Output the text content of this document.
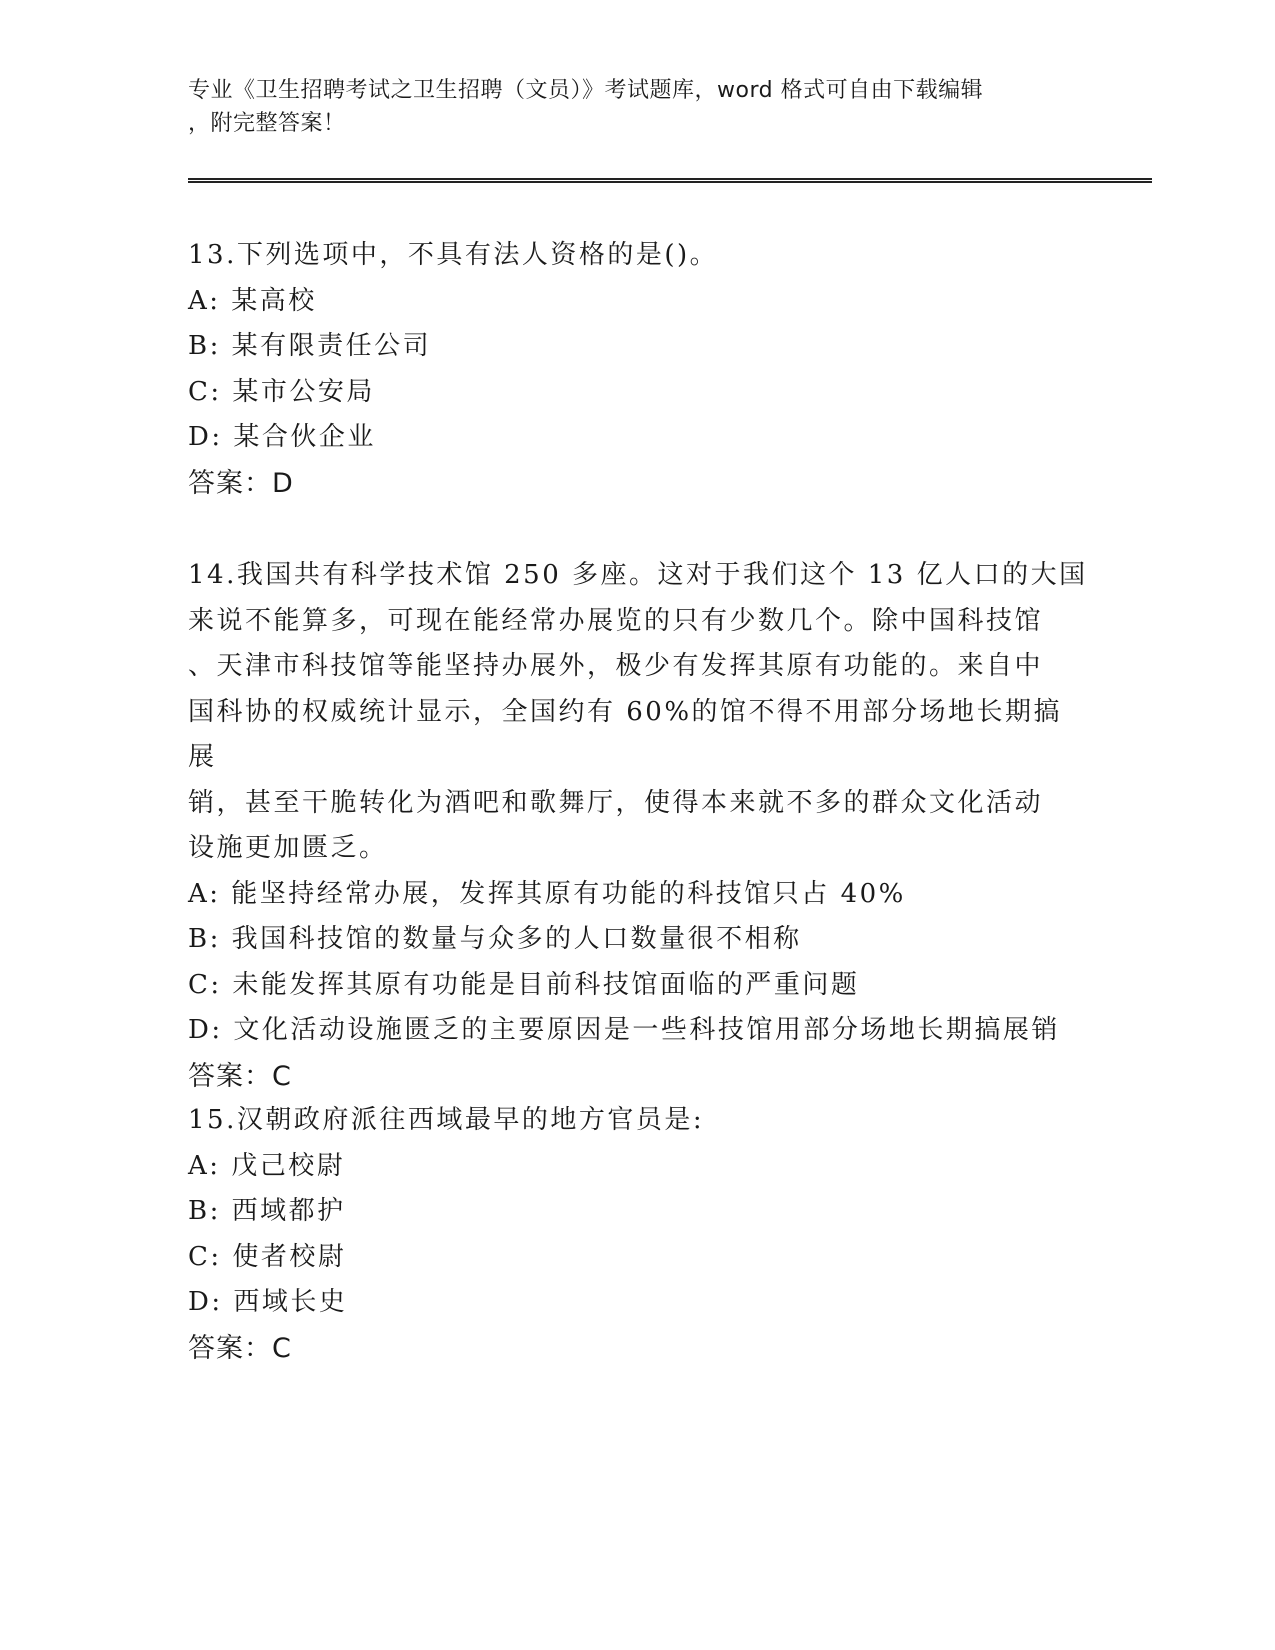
专业《卫生招聘考试之卫生招聘（文员）》考试题库，word 格式可自由下载编辑
，附完整答案！
13.下列选项中，不具有法人资格的是()。
A: 某高校
B: 某有限责任公司
C: 某市公安局
D: 某合伙企业
答案：D
14.我国共有科学技术馆 250 多座。这对于我们这个 13 亿人口的大国
来说不能算多，可现在能经常办展览的只有少数几个。除中国科技馆
、天津市科技馆等能坚持办展外，极少有发挥其原有功能的。来自中
国科协的权威统计显示，全国约有 60%的馆不得不用部分场地长期搞展
销，甚至干脆转化为酒吧和歌舞厅，使得本来就不多的群众文化活动
设施更加匮乏。
A: 能坚持经常办展，发挥其原有功能的科技馆只占 40%
B: 我国科技馆的数量与众多的人口数量很不相称
C: 未能发挥其原有功能是目前科技馆面临的严重问题
D: 文化活动设施匮乏的主要原因是一些科技馆用部分场地长期搞展销
答案：C
15.汉朝政府派往西域最早的地方官员是:
A: 戊己校尉
B: 西域都护
C: 使者校尉
D: 西域长史
答案：C
